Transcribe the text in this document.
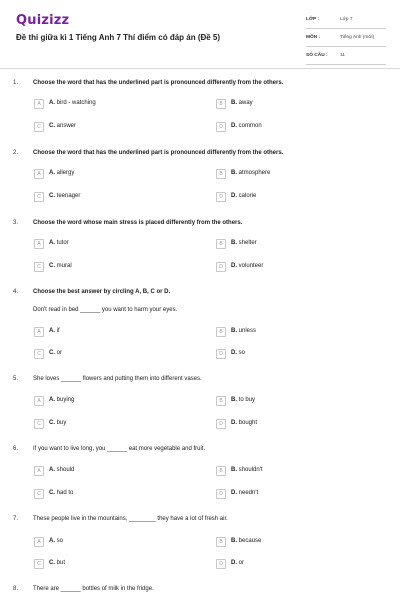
Quizizz
Đề thi giữa kì 1 Tiếng Anh 7 Thí điểm có đáp án (Đề 5)
LỚP :	Lớp 7
MÔN :	Tiếng Anh (mới)
SỐ CÂU :	11
1. Choose the word that has the underlined part is pronounced differently from the others.
A	A. bird - watching	B	B. away
C	C. answer	D	D. common
2. Choose the word that has the underlined part is pronounced differently from the others.
A	A. allergy	B	B. atmosphere
C	C. teenager	D	D. calorie
3. Choose the word whose main stress is placed differently from the others.
A	A. tutor	B	B. shelter
C	C. mural	D	D. volunteer
4. Choose the best answer by circling A, B, C or D.
Don't read in bed ______ you want to harm your eyes.
A	A. if	B	B. unless
C	C. or	D	D. so
5. She loves ______ flowers and putting them into different vases.
A	A. buying	B	B. to buy
C	C. buy	D	D. bought
6. If you want to live long, you ______ eat more vegetable and fruit.
A	A. should	B	B. shouldn't
C	C. had to	D	D. needn't
7. These people live in the mountains, ________ they have a lot of fresh air.
A	A. so	B	B. because
C	C. but	D	D. or
8. There are ______ bottles of milk in the fridge.
